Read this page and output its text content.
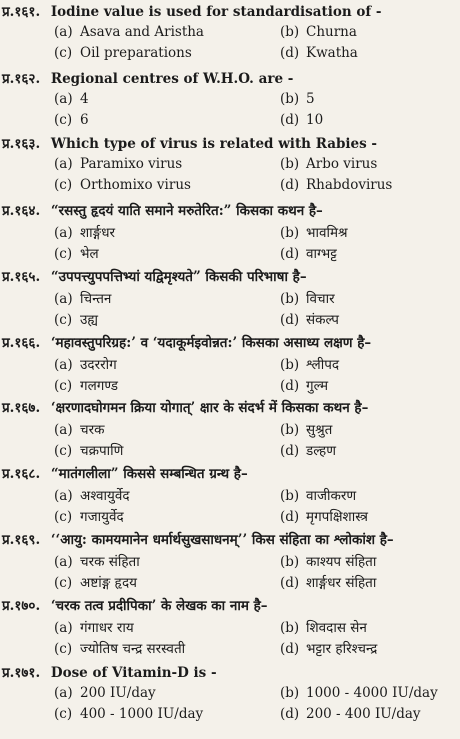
प्र.१६१. Iodine value is used for standardisation of -
(a) Asava and Aristha	(b) Churna
(c) Oil preparations	(d) Kwatha
प्र.१६२. Regional centres of W.H.O. are -
(a) 4	(b) 5
(c) 6	(d) 10
प्र.१६३. Which type of virus is related with Rabies -
(a) Paramixo virus	(b) Arbo virus
(c) Orthomixo virus	(d) Rhabdovirus
प्र.१६४. “रसस्तु हृदयं याति समाने मरुतेरित:” किसका कथन है–
(a) शार्ङ्गधर	(b) भावमिश्र
(c) भेल	(d) वाग्भट्ट
प्र.१६५. “उपपत्त्युपपत्तिभ्यां यद्विमृश्यते” किसकी परिभाषा है–
(a) चिन्तन	(b) विचार
(c) उह्य	(d) संकल्प
प्र.१६६. ‘महावस्तुपरिग्रह:’ व ‘यदाकूर्मइवोन्नत:’ किसका असाध्य लक्षण है–
(a) उदररोग	(b) श्लीपद
(c) गलगण्ड	(d) गुल्म
प्र.१६७. ‘क्षरणादघोगमन क्रिया योगात्’ क्षार के संदर्भ में किसका कथन है–
(a) चरक	(b) सुश्रुत
(c) चक्रपाणि	(d) डल्हण
प्र.१६८. “मातंगलीला” किससे सम्बन्धित ग्रन्थ है–
(a) अश्वायुर्वेद	(b) वाजीकरण
(c) गजायुर्वेद	(d) मृगपक्षिशास्त्र
प्र.१६९. ‘‘आयु: कामयमानेन धर्मार्थसुखसाधनम्’’ किस संहिता का श्लोकांश है–
(a) चरक संहिता	(b) काश्यप संहिता
(c) अष्टांङ्ग हृदय	(d) शार्ङ्गधर संहिता
प्र.१७०. ‘चरक तत्व प्रदीपिका’ के लेखक का नाम है–
(a) गंगाधर राय	(b) शिवदास सेन
(c) ज्योतिष चन्द्र सरस्वती	(d) भट्टार हरिश्चन्द्र
प्र.१७१. Dose of Vitamin-D is -
(a) 200 IU/day	(b) 1000 - 4000 IU/day
(c) 400 - 1000 IU/day	(d) 200 - 400 IU/day
